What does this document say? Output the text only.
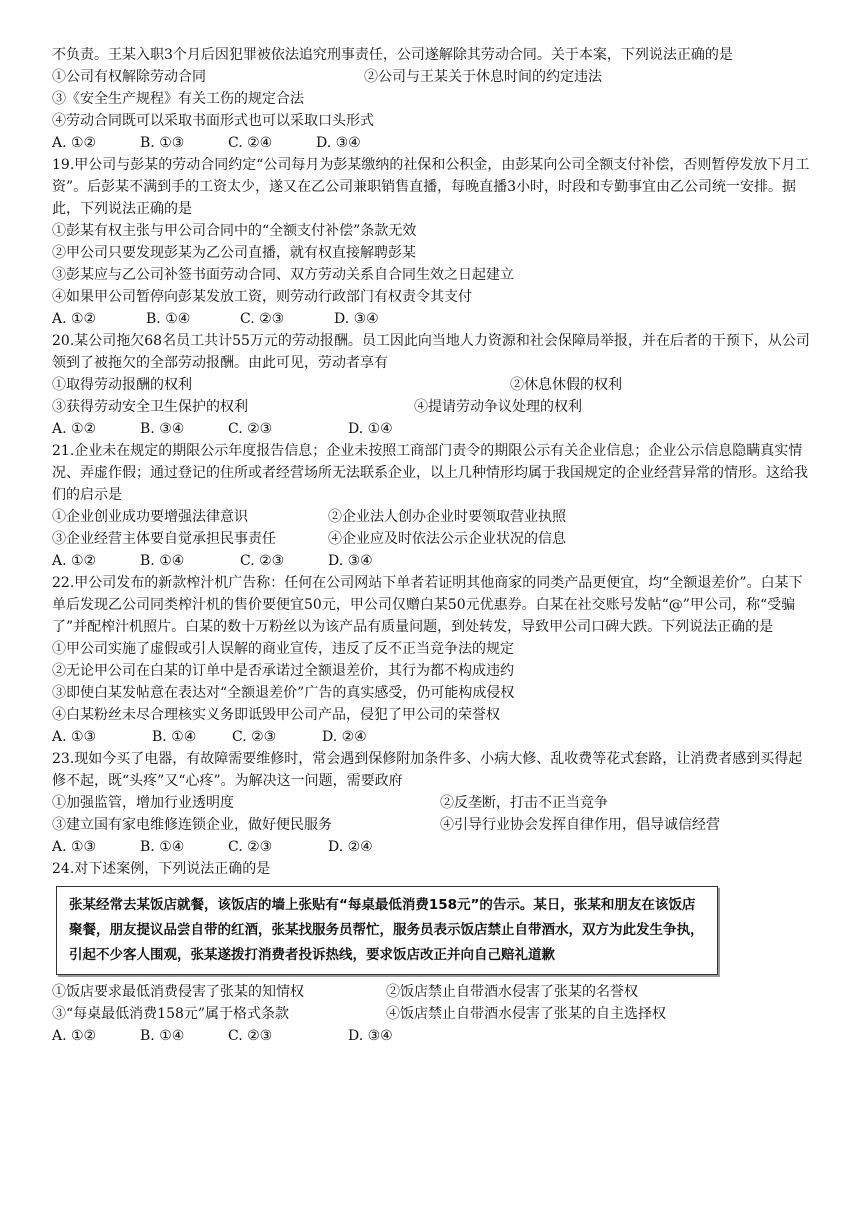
不负责。王某入职3个月后因犯罪被依法追究刑事责任，公司遂解除其劳动合同。关于本案，下列说法正确的是
①公司有权解除劳动合同	②公司与王某关于休息时间的约定违法
③《安全生产规程》有关工伤的规定合法
④劳动合同既可以采取书面形式也可以采取口头形式
A. ①②	B. ①③	C. ②④	D. ③④
19.甲公司与彭某的劳动合同约定“公司每月为彭某缴纳的社保和公积金，由彭某向公司全额支付补偿，否则暂停发放下月工资”。后彭某不满到手的工资太少，遂又在乙公司兼职销售直播，每晚直播3小时，时段和专勤事宜由乙公司统一安排。据此，下列说法正确的是
①彭某有权主张与甲公司合同中的“全额支付补偿”条款无效
②甲公司只要发现彭某为乙公司直播，就有权直接解聘彭某
③彭某应与乙公司补签书面劳动合同、双方劳动关系自合同生效之日起建立
④如果甲公司暂停向彭某发放工资，则劳动行政部门有权责令其支付
A. ①②	B. ①④	C. ②③	D. ③④
20.某公司拖欠68名员工共计55万元的劳动报酬。员工因此向当地人力资源和社会保障局举报，并在后者的干预下，从公司领到了被拖欠的全部劳动报酬。由此可见，劳动者享有
①取得劳动报酬的权利	②休息休假的权利
③获得劳动安全卫生保护的权利	④提请劳动争议处理的权利
A. ①②	B. ③④	C. ②③	D. ①④
21.企业未在规定的期限公示年度报告信息；企业未按照工商部门责令的期限公示有关企业信息；企业公示信息隐瞒真实情况、弄虚作假；通过登记的住所或者经营场所无法联系企业，以上几种情形均属于我国规定的企业经营异常的情形。这给我们的启示是
①企业创业成功要增强法律意识	②企业法人创办企业时要领取营业执照
③企业经营主体要自觉承担民事责任	④企业应及时依法公示企业状况的信息
A. ①②	B. ①④	C. ②③	D. ③④
22.甲公司发布的新款榨汁机广告称：任何在公司网站下单者若证明其他商家的同类产品更便宜，均“全额退差价”。白某下单后发现乙公司同类榨汁机的售价要便宜50元，甲公司仅赠白某50元优惠券。白某在社交账号发帖“@”甲公司，称“受骗了”并配榨汁机照片。白某的数十万粉丝以为该产品有质量问题，到处转发，导致甲公司口碑大跌。下列说法正确的是
①甲公司实施了虚假或引人误解的商业宣传，违反了反不正当竞争法的规定
②无论甲公司在白某的订单中是否承诺过全额退差价，其行为都不构成违约
③即使白某发帖意在表达对“全额退差价”广告的真实感受，仍可能构成侵权
④白某粉丝未尽合理核实义务即诋毁甲公司产品，侵犯了甲公司的荣誉权
A. ①③	B. ①④	C. ②③	D. ②④
23.现如今买了电器，有故障需要维修时，常会遇到保修附加条件多、小病大修、乱收费等花式套路，让消费者感到买得起修不起，既“头疼”又“心疼”。为解决这一问题，需要政府
①加强监管，增加行业透明度	②反垄断，打击不正当竞争
③建立国有家电维修连锁企业，做好便民服务	④引导行业协会发挥自律作用，倡导诚信经营
A. ①③	B. ①④	C. ②③	D. ②④
24.对下述案例，下列说法正确的是
张某经常去某饭店就餐，该饭店的墙上张贴有“每桌最低消费158元”的告示。某日，张某和朋友在该饭店聚餐，朋友提议品尝自带的红酒，张某找服务员帮忙，服务员表示饭店禁止自带酒水，双方为此发生争执，引起不少客人围观，张某遂拨打消费者投诉热线，要求饭店改正并向自己赔礼道歉
①饭店要求最低消费侵害了张某的知情权	②饭店禁止自带酒水侵害了张某的名誉权
③“每桌最低消费158元”属于格式条款	④饭店禁止自带酒水侵害了张某的自主选择权
A. ①②	B. ①④	C. ②③	D. ③④
